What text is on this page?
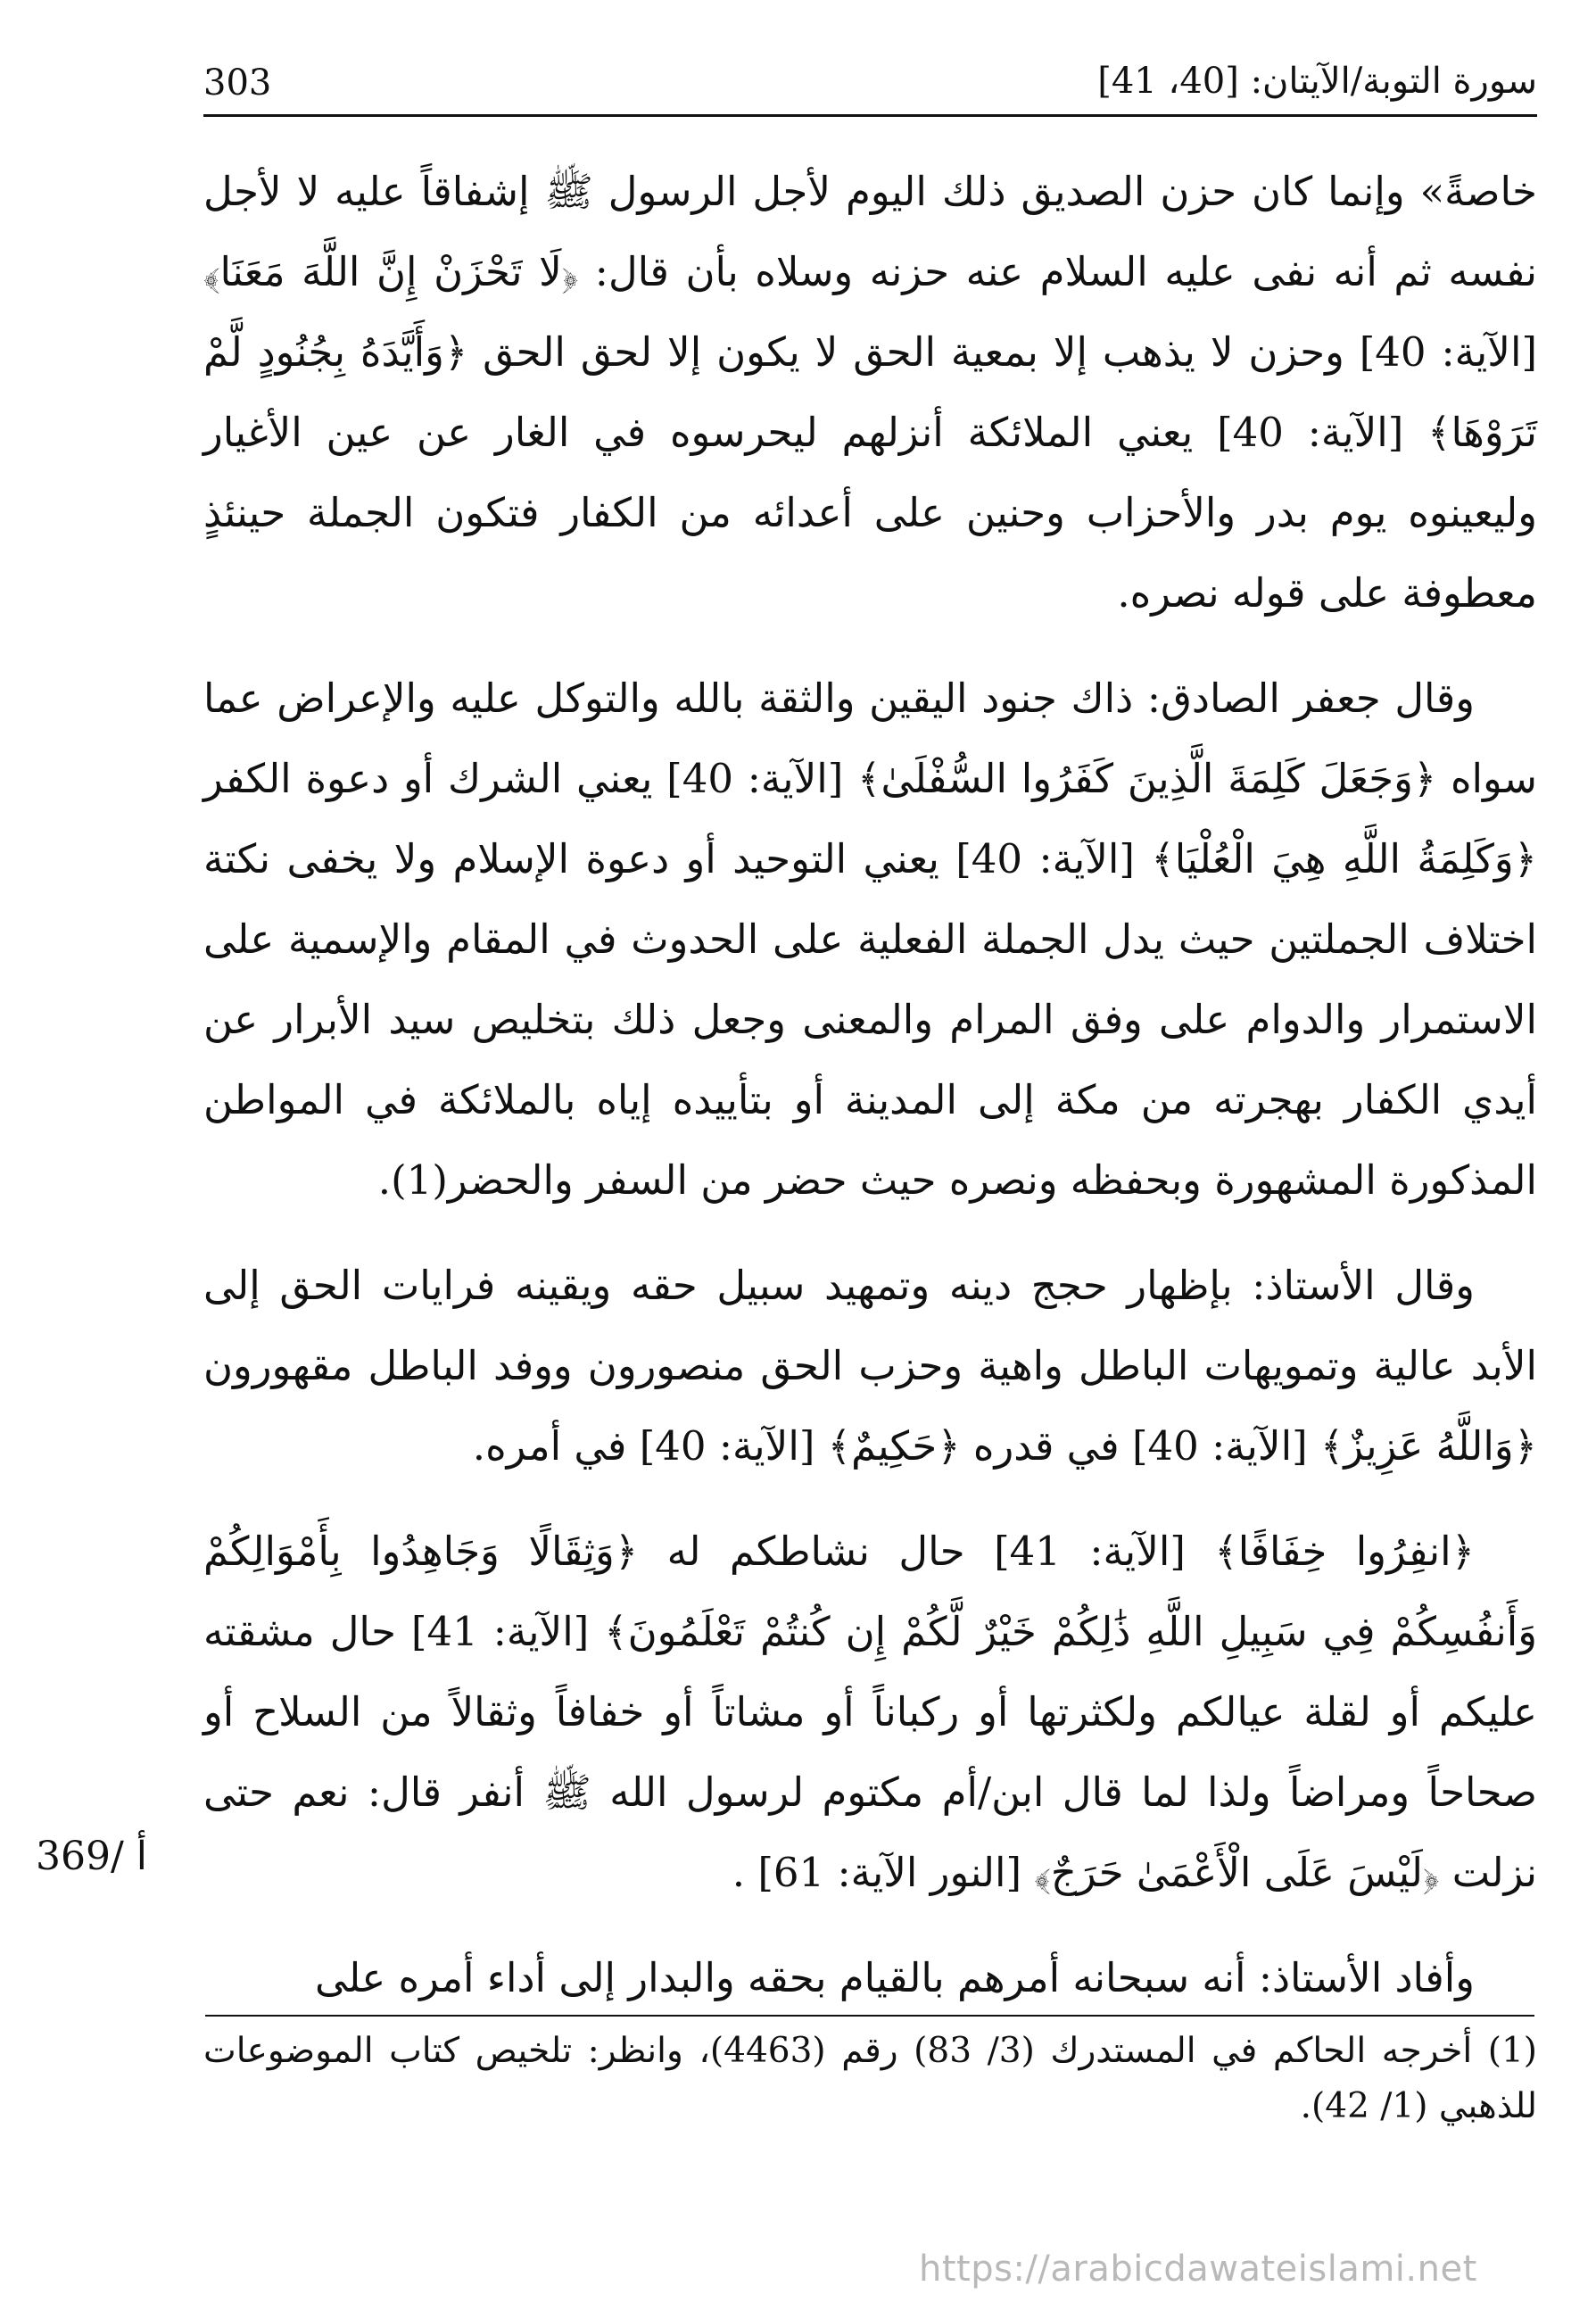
303	سورة التوبة/الآيتان: [40، 41]

خاصةً» وإنما كان حزن الصديق ذلك اليوم لأجل الرسول ﷺ إشفاقاً عليه لا لأجل نفسه ثم أنه نفى عليه السلام عنه حزنه وسلاه بأن قال: ﴿لَا تَحْزَنْ إِنَّ اللَّهَ مَعَنَا﴾ [الآية: 40] وحزن لا يذهب إلا بمعية الحق لا يكون إلا لحق الحق ﴿وَأَيَّدَهُ بِجُنُودٍ لَّمْ تَرَوْهَا﴾ [الآية: 40] يعني الملائكة أنزلهم ليحرسوه في الغار عن عين الأغيار وليعينوه يوم بدر والأحزاب وحنين على أعدائه من الكفار فتكون الجملة حينئذٍ معطوفة على قوله نصره.

وقال جعفر الصادق: ذاك جنود اليقين والثقة بالله والتوكل عليه والإعراض عما سواه ﴿وَجَعَلَ كَلِمَةَ الَّذِينَ كَفَرُوا السُّفْلَىٰ﴾ [الآية: 40] يعني الشرك أو دعوة الكفر ﴿وَكَلِمَةُ اللَّهِ هِيَ الْعُلْيَا﴾ [الآية: 40] يعني التوحيد أو دعوة الإسلام ولا يخفى نكتة اختلاف الجملتين حيث يدل الجملة الفعلية على الحدوث في المقام والإسمية على الاستمرار والدوام على وفق المرام والمعنى وجعل ذلك بتخليص سيد الأبرار عن أيدي الكفار بهجرته من مكة إلى المدينة أو بتأييده إياه بالملائكة في المواطن المذكورة المشهورة وبحفظه ونصره حيث حضر من السفر والحضر(1).

وقال الأستاذ: بإظهار حجج دينه وتمهيد سبيل حقه ويقينه فرايات الحق إلى الأبد عالية وتمويهات الباطل واهية وحزب الحق منصورون ووفد الباطل مقهورون ﴿وَاللَّهُ عَزِيزٌ﴾ [الآية: 40] في قدره ﴿حَكِيمٌ﴾ [الآية: 40] في أمره.

﴿انفِرُوا خِفَافًا﴾ [الآية: 41] حال نشاطكم له ﴿وَثِقَالًا وَجَاهِدُوا بِأَمْوَالِكُمْ وَأَنفُسِكُمْ فِي سَبِيلِ اللَّهِ ذَٰلِكُمْ خَيْرٌ لَّكُمْ إِن كُنتُمْ تَعْلَمُونَ﴾ [الآية: 41] حال مشقته عليكم أو لقلة عيالكم ولكثرتها أو ركباناً أو مشاتاً أو خفافاً وثقالاً من السلاح أو صحاحاً ومراضاً ولذا لما قال ابن/أم مكتوم لرسول الله ﷺ أنفر قال: نعم حتى نزلت ﴿لَيْسَ عَلَى الْأَعْمَىٰ حَرَجٌ﴾ [النور الآية: 61] .

وأفاد الأستاذ: أنه سبحانه أمرهم بالقيام بحقه والبدار إلى أداء أمره على

369/ أ

(1) أخرجه الحاكم في المستدرك (3/ 83) رقم (4463)، وانظر: تلخيص كتاب الموضوعات للذهبي (1/ 42).

https://arabicdawateislami.net
